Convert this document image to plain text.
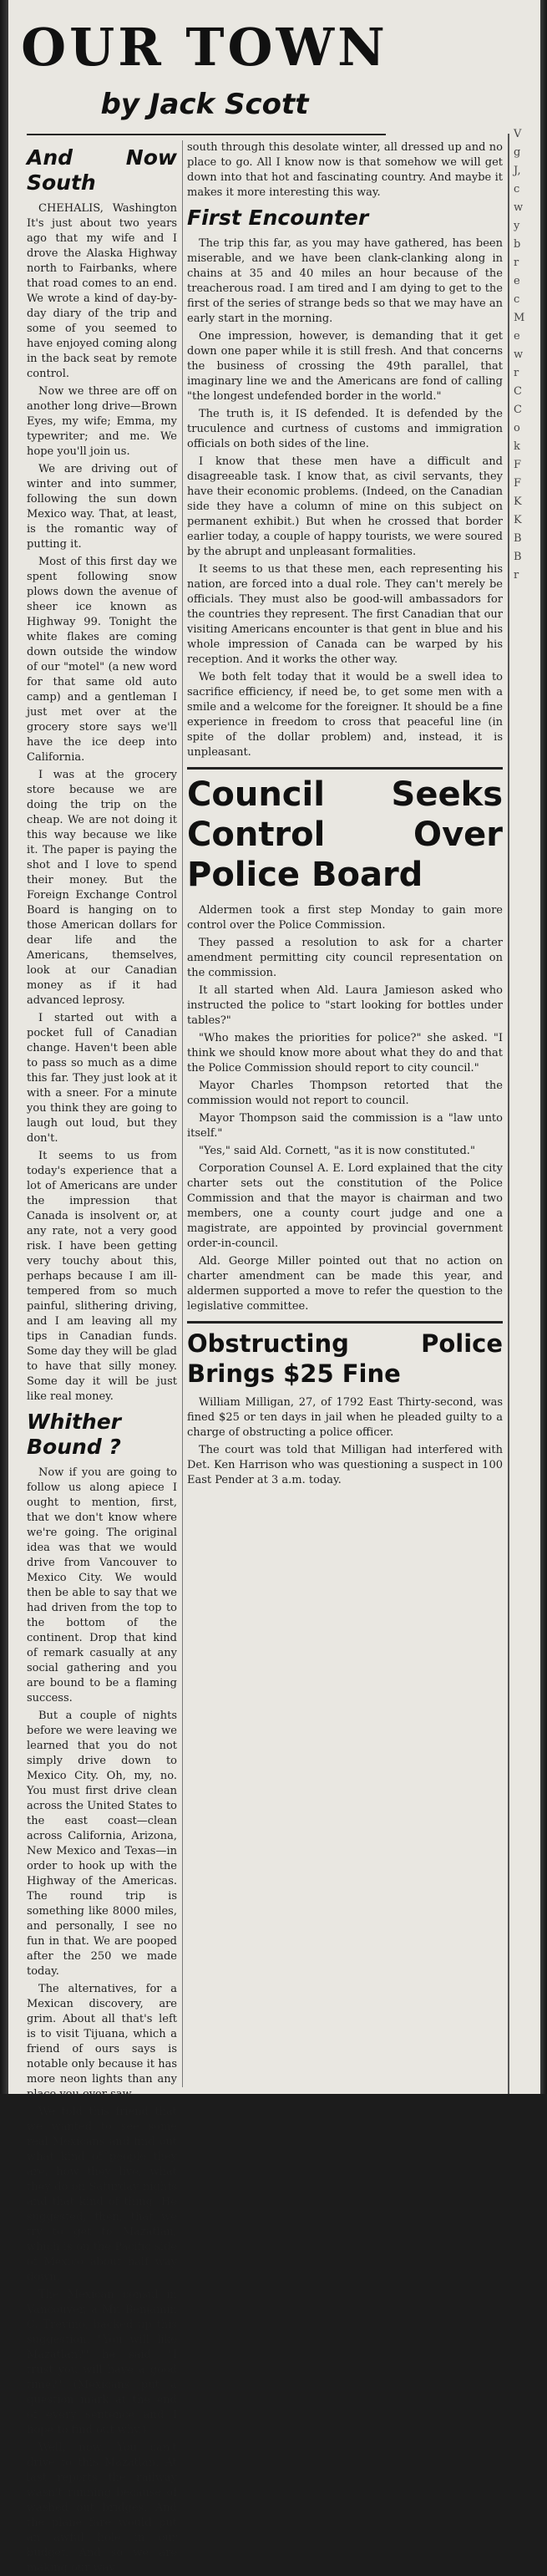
OUR TOWN
by Jack Scott
And Now South

CHEHALIS, Washington It's just about two years ago that my wife and I drove the Alaska Highway north to Fairbanks, where that road comes to an end. We wrote a kind of day-by-day diary of the trip and some of you seemed to have enjoyed coming along in the back seat by remote control.

Now we three are off on another long drive—Brown Eyes, my wife; Emma, my typewriter; and me. We hope you'll join us.

We are driving out of winter and into summer, following the sun down Mexico way. That, at least, is the romantic way of putting it.

Most of this first day we spent following snow plows down the avenue of sheer ice known as Highway 99. Tonight the white flakes are coming down outside the window of our "motel" (a new word for that same old auto camp) and a gentleman I just met over at the grocery store says we'll have the ice deep into California.

I was at the grocery store because we are doing the trip on the cheap. We are not doing it this way because we like it. The paper is paying the shot and I love to spend their money. But the Foreign Exchange Control Board is hanging on to those American dollars for dear life and the Americans, themselves, look at our Canadian money as if it had advanced leprosy.

I started out with a pocket full of Canadian change. Haven't been able to pass so much as a dime this far. They just look at it with a sneer. For a minute you think they are going to laugh out loud, but they don't.

It seems to us from today's experience that a lot of Americans are under the impression that Canada is insolvent or, at any rate, not a very good risk. I have been getting very touchy about this, perhaps because I am ill-tempered from so much painful, slithering driving, and I am leaving all my tips in Canadian funds. Some day they will be glad to have that silly money. Some day it will be just like real money.

Whither Bound ?

Now if you are going to follow us along apiece I ought to mention, first, that we don't know where we're going. The original idea was that we would drive from Vancouver to Mexico City. We would then be able to say that we had driven from the top to the bottom of the continent. Drop that kind of remark casually at any social gathering and you are bound to be a flaming success.

But a couple of nights before we were leaving we learned that you do not simply drive down to Mexico City. Oh, my, no. You must first drive clean across the United States to the east coast—clean across California, Arizona, New Mexico and Texas—in order to hook up with the Highway of the Americas. The round trip is something like 8000 miles, and personally, I see no fun in that. We are pooped after the 250 we made today.

The alternatives, for a Mexican discovery, are grim. About all that's left is to visit Tijuana, which a friend of ours says is notable only because it has more neon lights than any place you ever saw.

We told this friend that we wanted to see some real Mexicans and find out what kind of people they are, how they live, what they do on Saturday nights and that kind of thing. He suggested, then, that we try to get to Mazatlan, which is on the Pacific side of Mexico about half way down.

The Mexican consul in Vancouver, a Mr. Benjamin C. Trevino, backed up this suggestion. "You will like Mazatlan?" he said. "I trust you will have a good time?" (Mexicans put a question mark at the end of every sentence and I hope to find out why.)

Well, now. You can't drive to this Mazatlan. At last reports the railway wasn't running because of washed out bridges. And the plane fare would put an awful hole in our budget. And so we are making our way

south through this desolate winter, all dressed up and no place to go. All I know now is that somehow we will get down into that hot and fascinating country. And maybe it makes it more interesting this way.

First Encounter

The trip this far, as you may have gathered, has been miserable, and we have been clank-clanking along in chains at 35 and 40 miles an hour because of the treacherous road. I am tired and I am dying to get to the first of the series of strange beds so that we may have an early start in the morning.

One impression, however, is demanding that it get down one paper while it is still fresh. And that concerns the business of crossing the 49th parallel, that imaginary line we and the Americans are fond of calling "the longest undefended border in the world."

The truth is, it IS defended. It is defended by the truculence and curtness of customs and immigration officials on both sides of the line.

I know that these men have a difficult and disagreeable task. I know that, as civil servants, they have their economic problems. (Indeed, on the Canadian side they have a column of mine on this subject on permanent exhibit.) But when he crossed that border earlier today, a couple of happy tourists, we were soured by the abrupt and unpleasant formalities.

It seems to us that these men, each representing his nation, are forced into a dual role. They can't merely be officials. They must also be good-will ambassadors for the countries they represent. The first Canadian that our visiting Americans encounter is that gent in blue and his whole impression of Canada can be warped by his reception. And it works the other way.

We both felt today that it would be a swell idea to sacrifice efficiency, if need be, to get some men with a smile and a welcome for the foreigner. It should be a fine experience in freedom to cross that peaceful line (in spite of the dollar problem) and, instead, it is unpleasant.

Council Seeks Control Over Police Board

Aldermen took a first step Monday to gain more control over the Police Commission.

They passed a resolution to ask for a charter amendment permitting city council representation on the commission.

It all started when Ald. Laura Jamieson asked who instructed the police to "start looking for bottles under tables?"

"Who makes the priorities for police?" she asked. "I think we should know more about what they do and that the Police Commission should report to city council."

Mayor Charles Thompson retorted that the commission would not report to council.

Mayor Thompson said the commission is a "law unto itself."

"Yes," said Ald. Cornett, "as it is now constituted."

Corporation Counsel A. E. Lord explained that the city charter sets out the constitution of the Police Commission and that the mayor is chairman and two members, one a county court judge and one a magistrate, are appointed by provincial government order-in-council.

Ald. George Miller pointed out that no action on charter amendment can be made this year, and aldermen supported a move to refer the question to the legislative committee.

Obstructing Police Brings $25 Fine

William Milligan, 27, of 1792 East Thirty-second, was fined $25 or ten days in jail when he pleaded guilty to a charge of obstructing a police officer.

The court was told that Milligan had interfered with Det. Ken Harrison who was questioning a suspect in 100 East Pender at 3 a.m. today.

V
g
J,
c
w
y
b
r
e
c
M
e
w
r
C
C
o
k
F
F
K
K
B
B
r
